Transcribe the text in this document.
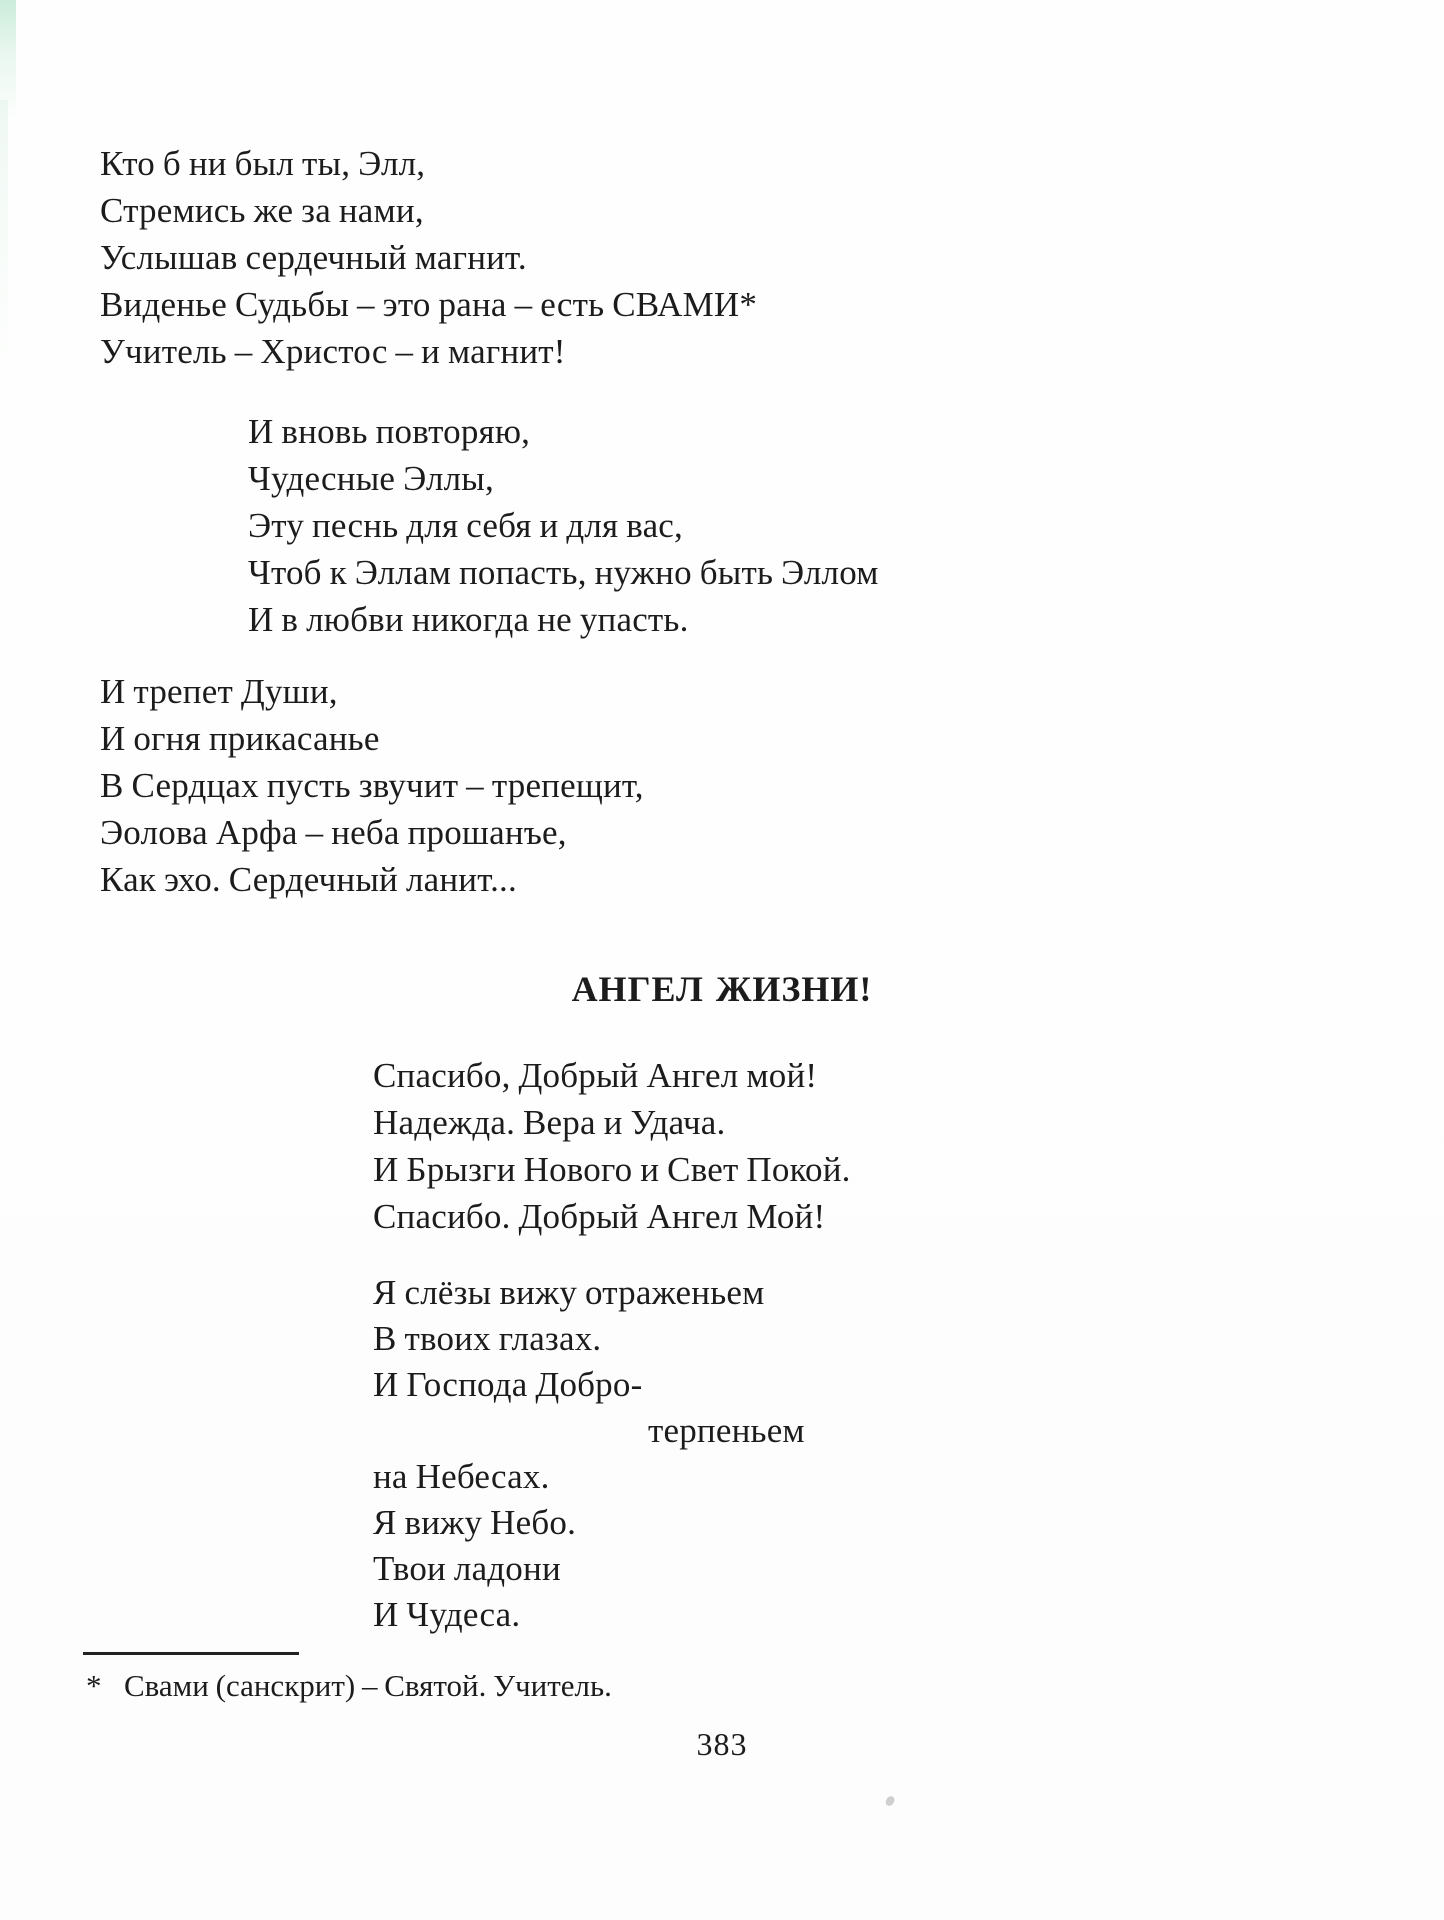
Кто б ни был ты, Элл,
Стремись же за нами,
Услышав сердечный магнит.
Виденье Судьбы – это рана – есть СВАМИ*
Учитель – Христос – и магнит!
И вновь повторяю,
Чудесные Эллы,
Эту песнь для себя и для вас,
Чтоб к Эллам попасть, нужно быть Эллом
И в любви никогда не упасть.
И трепет Души,
И огня прикасанье
В Сердцах пусть звучит – трепещит,
Эолова Арфа – неба прошанъе,
Как эхо. Сердечный ланит...
АНГЕЛ ЖИЗНИ!
Спасибо, Добрый Ангел мой!
Надежда. Вера и Удача.
И Брызги Нового и Свет Покой.
Спасибо. Добрый Ангел Мой!
Я слёзы вижу отраженьем
В твоих глазах.
И Господа Добро-
терпеньем
на Небесах.
Я вижу Небо.
Твои ладони
И Чудеса.
* Свами (санскрит) – Святой. Учитель.
383
